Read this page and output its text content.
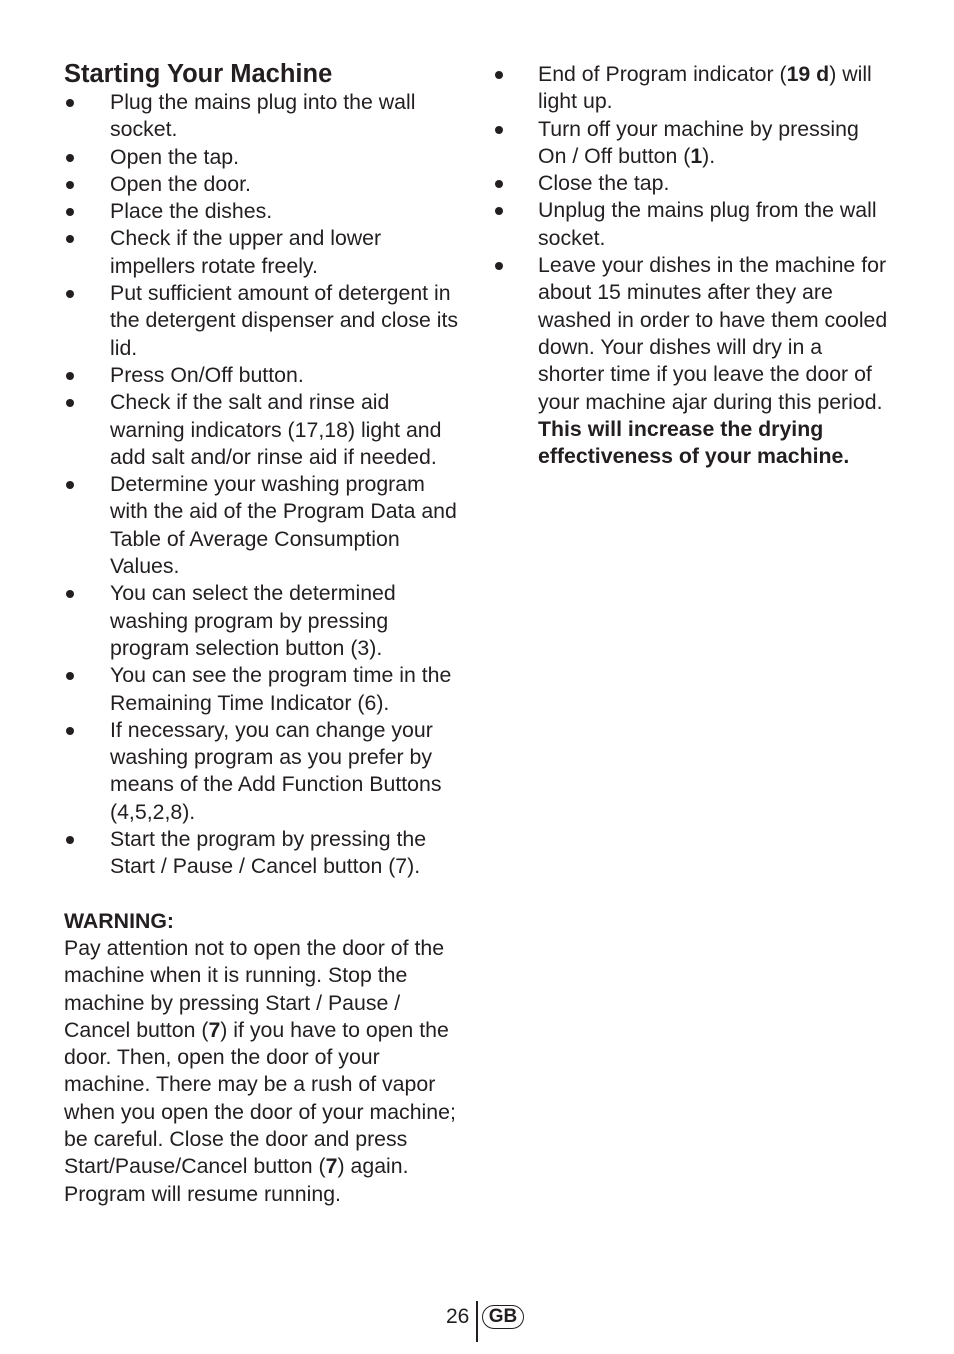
Starting Your Machine
Plug the mains plug into the wall socket.
Open the tap.
Open the door.
Place the dishes.
Check if the upper and lower impellers rotate freely.
Put sufficient amount of detergent in the detergent dispenser and close its lid.
Press On/Off button.
Check if the salt and rinse aid warning indicators (17,18) light and add salt and/or rinse aid if needed.
Determine your washing program with the aid of the Program Data and Table of Average Consumption Values.
You can select the determined washing program by pressing program selection button (3).
You can see the program time in the Remaining Time Indicator (6).
If necessary, you can change your washing program as you prefer by means of the Add Function Buttons (4,5,2,8).
Start the program by pressing the Start / Pause / Cancel button (7).
WARNING:

Pay attention not to open the door of the machine when it is running. Stop the machine by pressing Start / Pause / Cancel button (7) if you have to open the door. Then, open the door of your machine. There may be a rush of vapor when you open the door of your machine; be careful. Close the door and press Start/Pause/Cancel button (7) again. Program will resume running.

End of Program indicator (19 d) will light up.
Turn off your machine by pressing On / Off button (1).
Close the tap.
Unplug the mains plug from the wall socket.
Leave your dishes in the machine for about 15 minutes after they are washed in order to have them cooled down. Your dishes will dry in a shorter time if you leave the door of your machine ajar during this period. This will increase the drying effectiveness of your machine.
26	GB
